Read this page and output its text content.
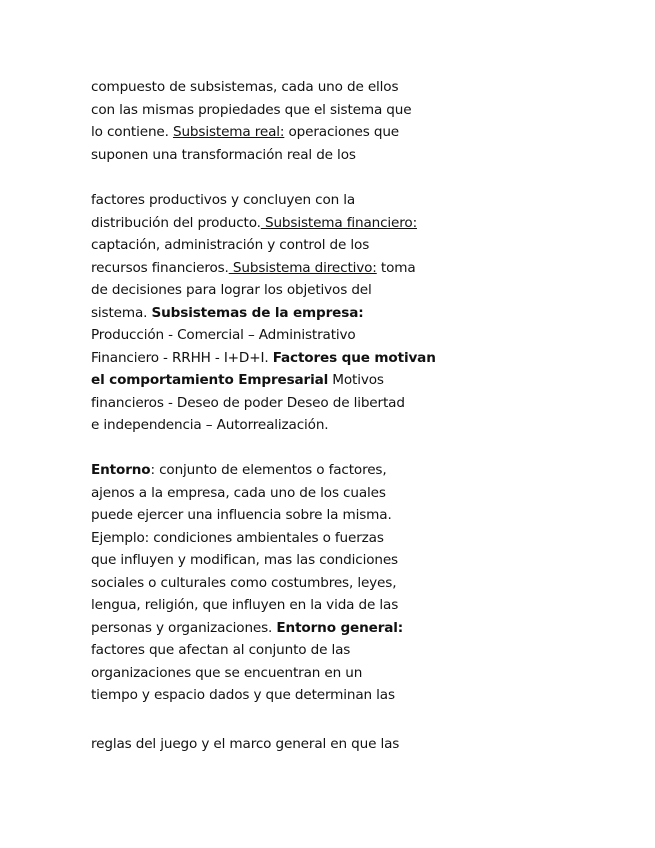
compuesto de subsistemas, cada uno de ellos
con las mismas propiedades que el sistema que
lo contiene. Subsistema real: operaciones que
suponen una transformación real de los
factores productivos y concluyen con la
distribución del producto. Subsistema financiero:
captación, administración y control de los
recursos financieros. Subsistema directivo: toma
de decisiones para lograr los objetivos del
sistema. Subsistemas de la empresa:
Producción - Comercial – Administrativo
Financiero - RRHH - I+D+I. Factores que motivan
el comportamiento Empresarial Motivos
financieros - Deseo de poder Deseo de libertad
e independencia – Autorrealización.
Entorno: conjunto de elementos o factores,
ajenos a la empresa, cada uno de los cuales
puede ejercer una influencia sobre la misma.
Ejemplo: condiciones ambientales o fuerzas
que influyen y modifican, mas las condiciones
sociales o culturales como costumbres, leyes,
lengua, religión, que influyen en la vida de las
personas y organizaciones. Entorno general:
factores que afectan al conjunto de las
organizaciones que se encuentran en un
tiempo y espacio dados y que determinan las
reglas del juego y el marco general en que las
